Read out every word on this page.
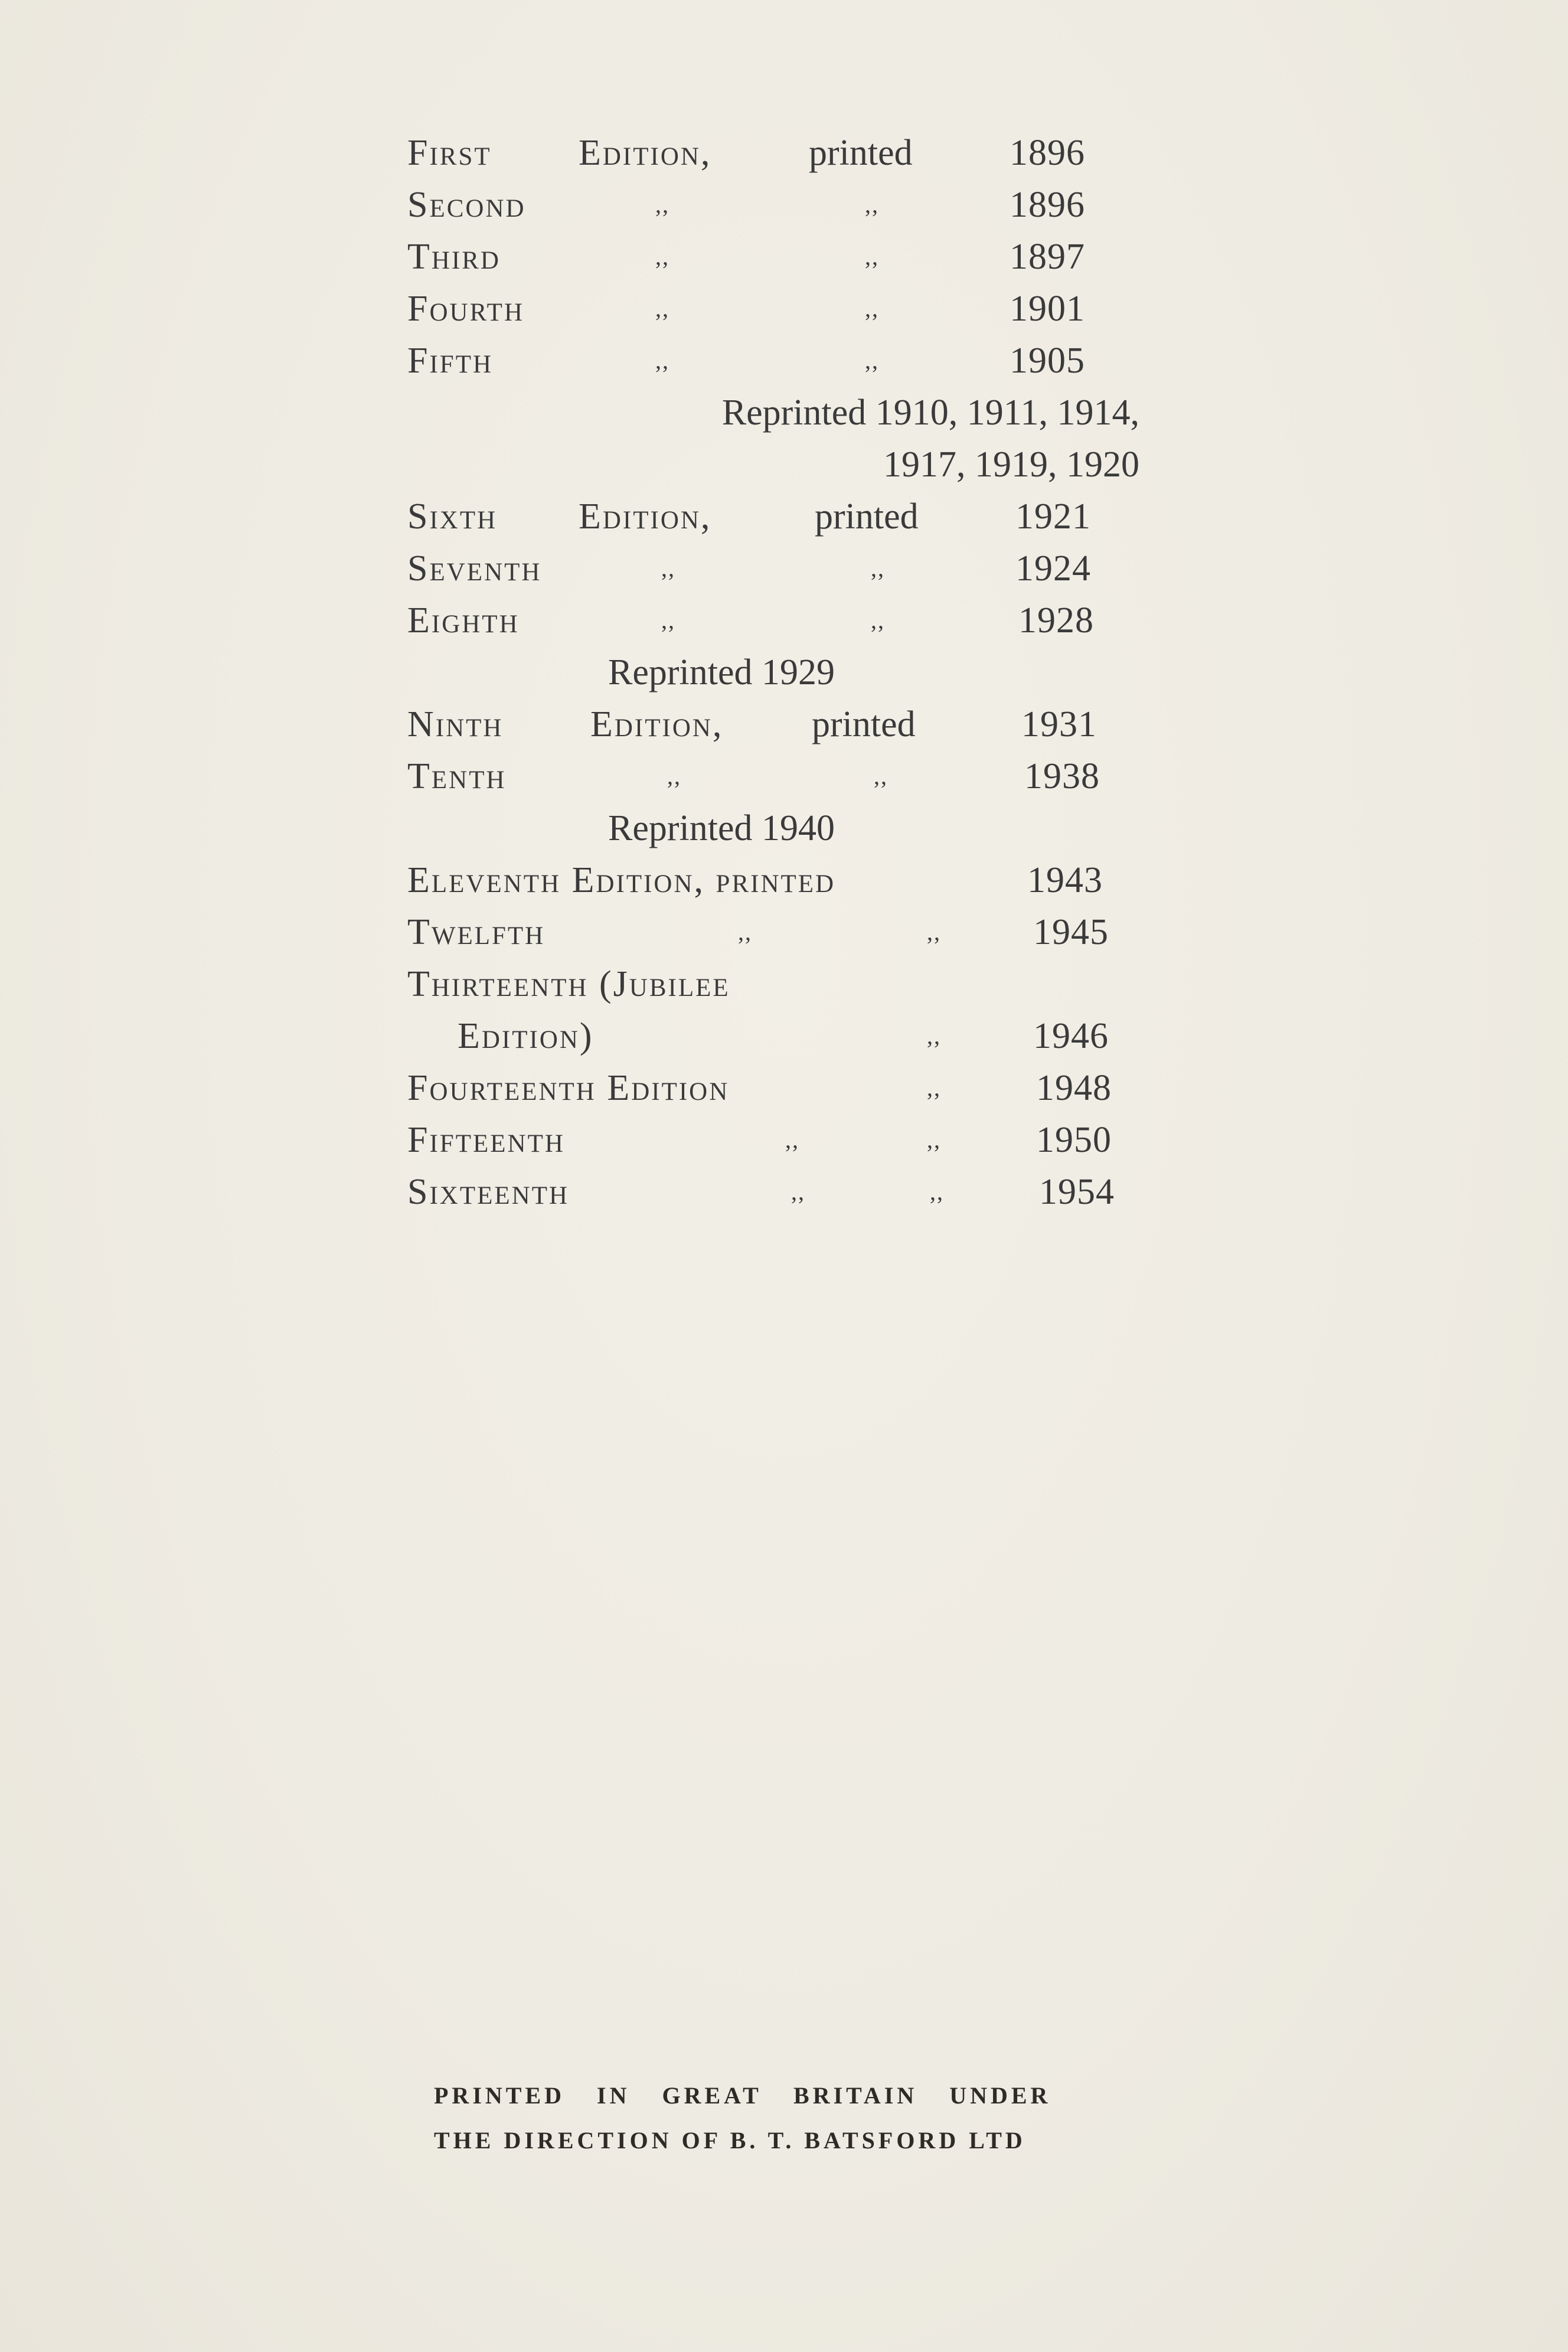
First Edition,	printed	1896
Second	,,	,,	1896
Third	,,	,,	1897
Fourth	,,	,,	1901
Fifth	,,	,,	1905
Reprinted 1910, 1911, 1914,
1917, 1919, 1920
Sixth Edition,	printed	1921
Seventh	,,	,,	1924
Eighth	,,	,,	1928
Reprinted 1929
Ninth Edition, printed	1931
Tenth	,,	,,	1938
Reprinted 1940
Eleventh Edition, printed	1943
Twelfth	,,	,,	1945
Thirteenth (Jubilee
Edition)	,,	1946
Fourteenth Edition	,,	1948
Fifteenth	,,	,,	1950
Sixteenth	,,	,,	1954
PRINTED IN GREAT BRITAIN UNDER
THE DIRECTION OF B. T. BATSFORD LTD
